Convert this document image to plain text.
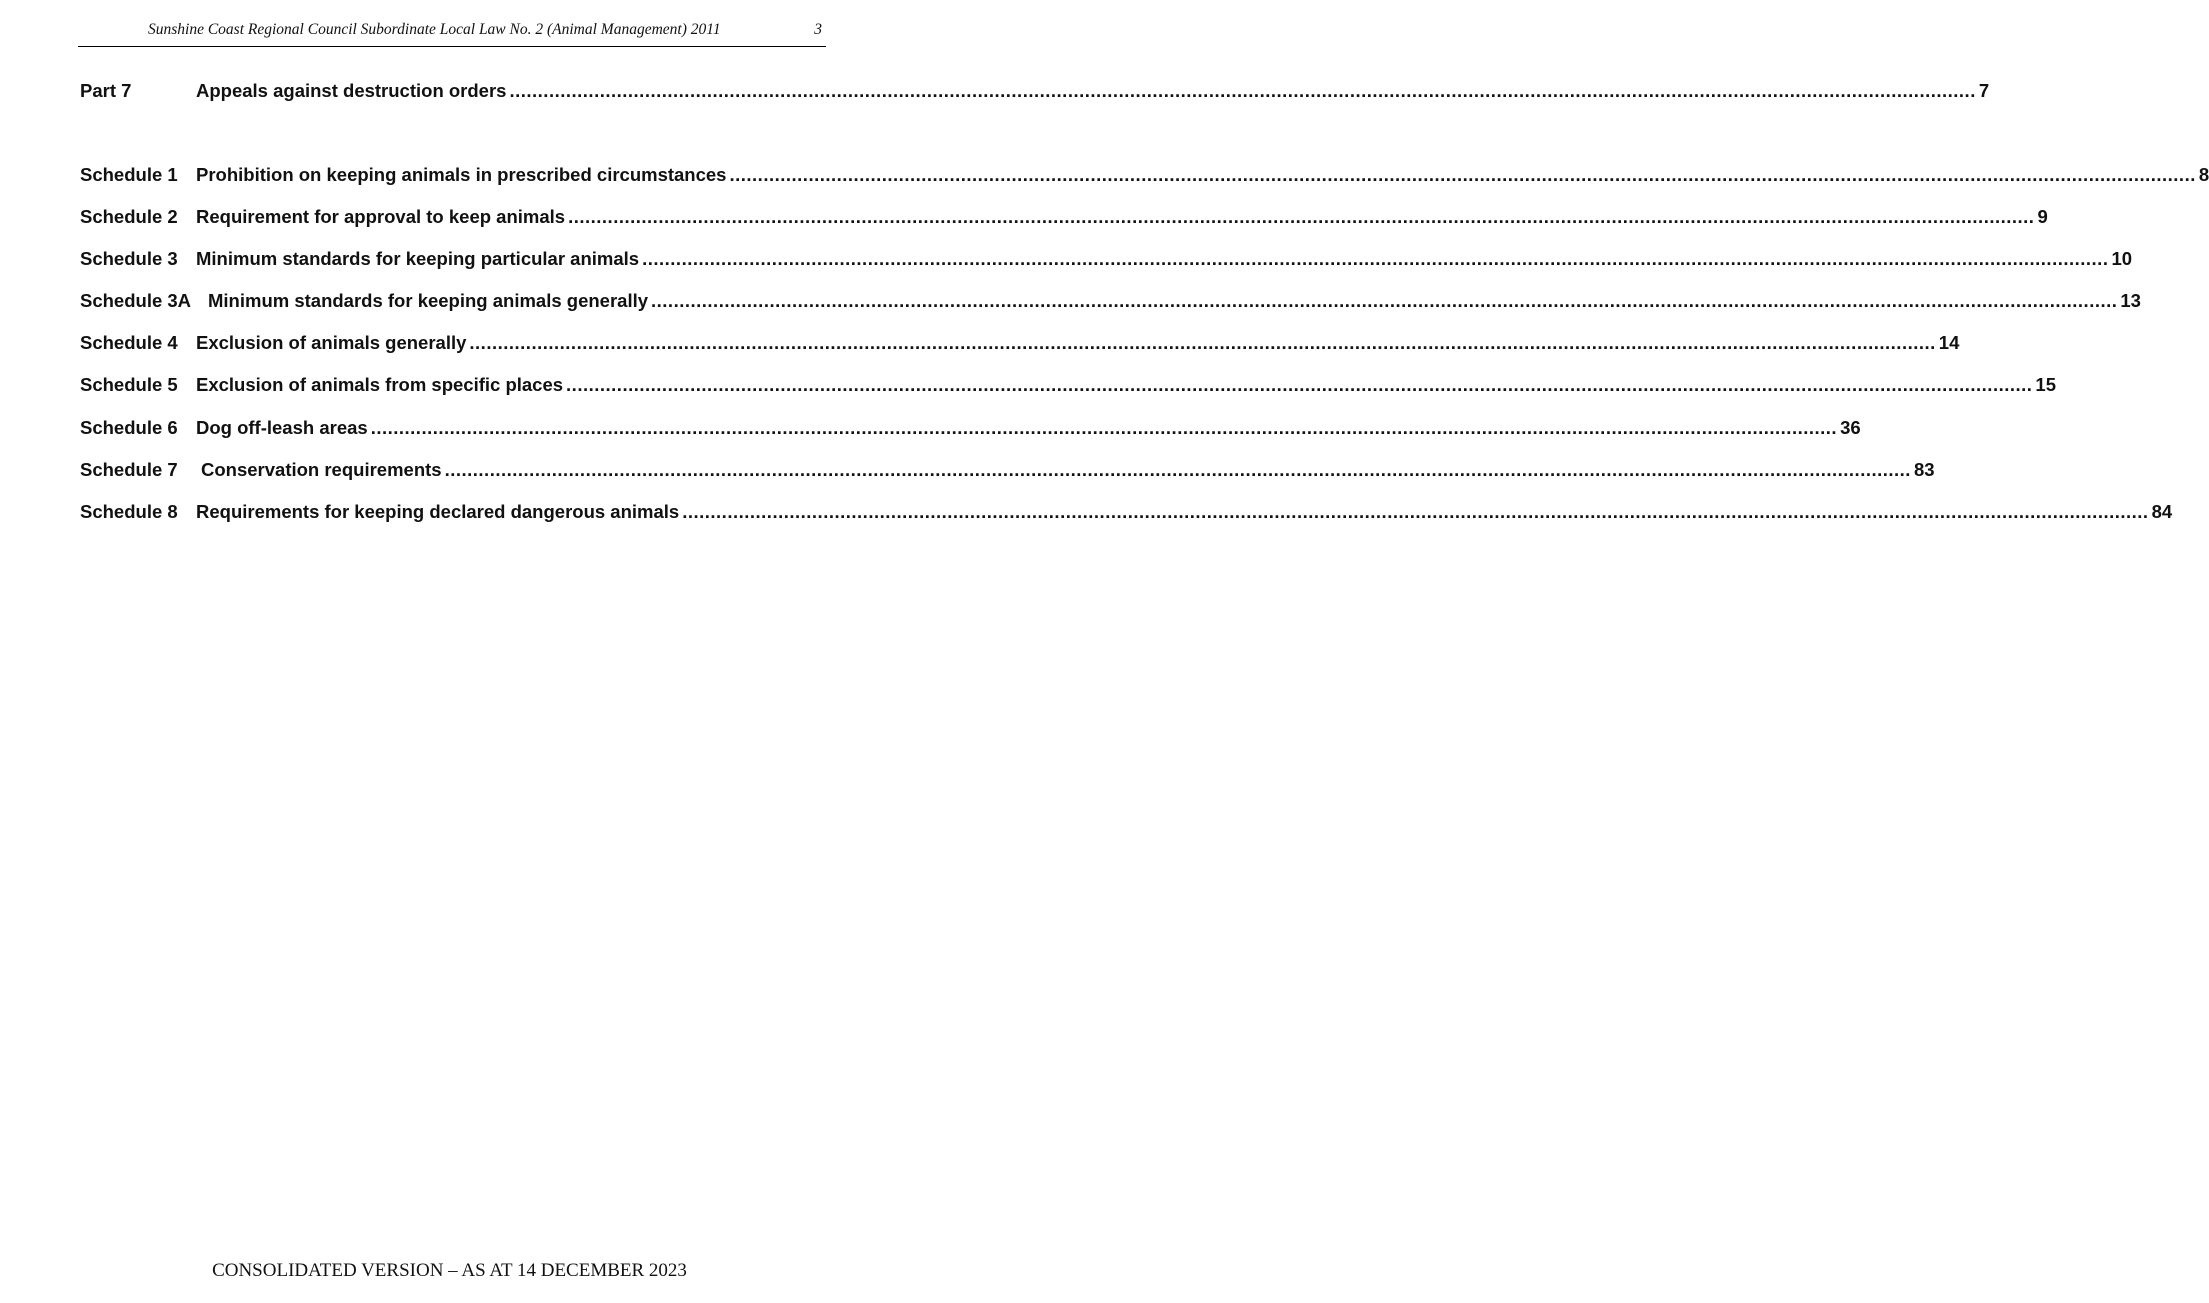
Sunshine Coast Regional Council Subordinate Local Law No. 2 (Animal Management) 2011	3
Part 7	Appeals against destruction orders .....	7
Schedule 1 Prohibition on keeping animals in prescribed circumstances .....	8
Schedule 2 Requirement for approval to keep animals .....	9
Schedule 3 Minimum standards for keeping particular animals .....	10
Schedule 3A Minimum standards for keeping animals generally .....	13
Schedule 4 Exclusion of animals generally .....	14
Schedule 5 Exclusion of animals from specific places .....	15
Schedule 6 Dog off-leash areas .....	36
Schedule 7	Conservation requirements .....	83
Schedule 8 Requirements for keeping declared dangerous animals .....	84
CONSOLIDATED VERSION – AS AT 14 DECEMBER 2023
